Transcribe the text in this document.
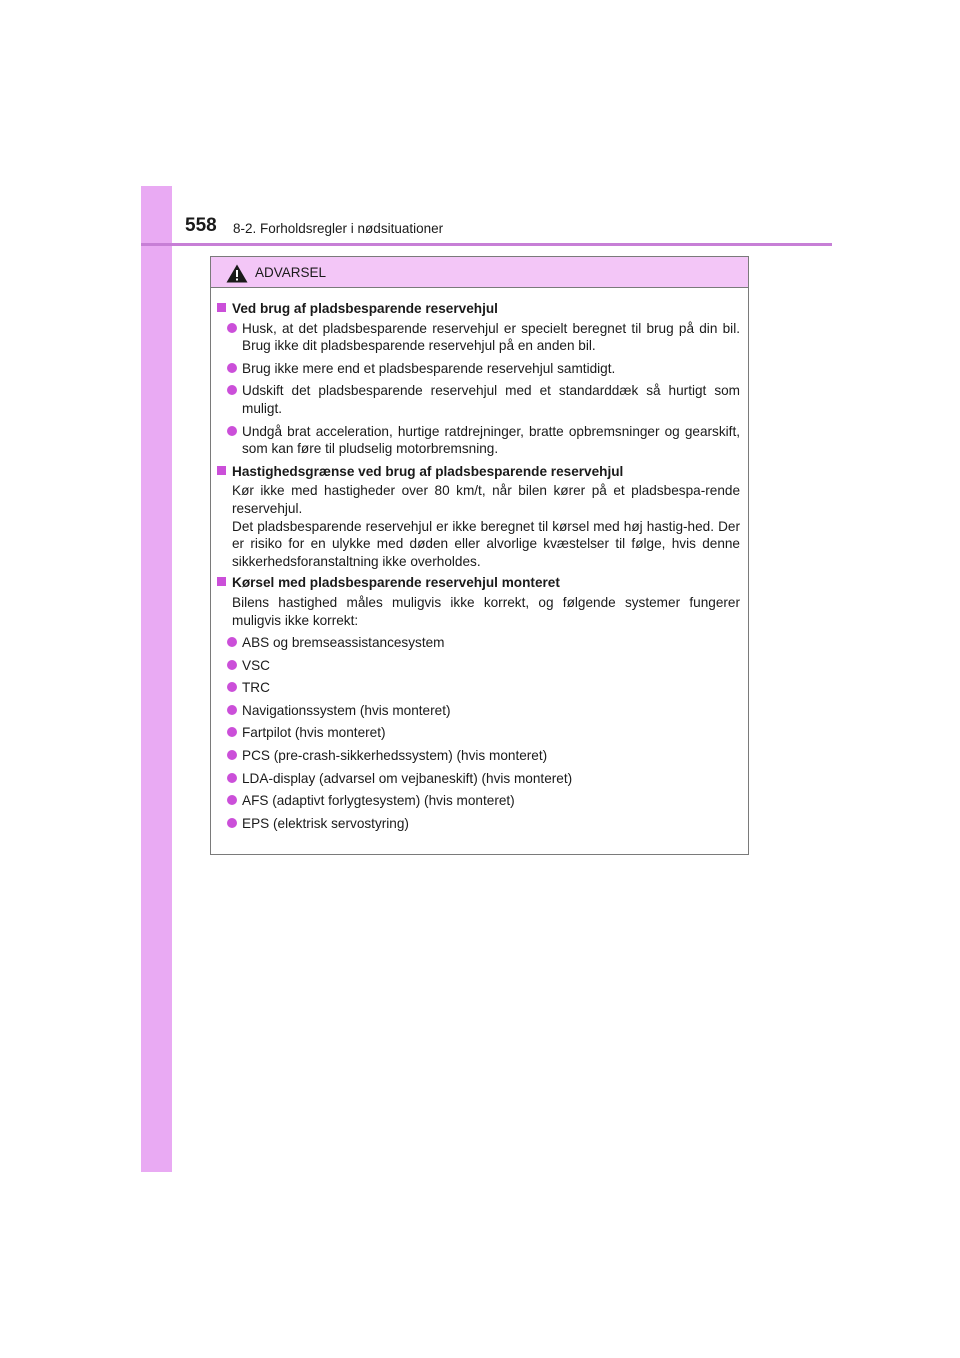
558 8-2. Forholdsregler i nødsituationer
ADVARSEL
Ved brug af pladsbesparende reservehjul
Husk, at det pladsbesparende reservehjul er specielt beregnet til brug på din bil. Brug ikke dit pladsbesparende reservehjul på en anden bil.
Brug ikke mere end et pladsbesparende reservehjul samtidigt.
Udskift det pladsbesparende reservehjul med et standarddæk så hurtigt som muligt.
Undgå brat acceleration, hurtige ratdrejninger, bratte opbremsninger og gearskift, som kan føre til pludselig motorbremsning.
Hastighedsgrænse ved brug af pladsbesparende reservehjul
Kør ikke med hastigheder over 80 km/t, når bilen kører på et pladsbespa-rende reservehjul.
Det pladsbesparende reservehjul er ikke beregnet til kørsel med høj hastig-hed. Der er risiko for en ulykke med døden eller alvorlige kvæstelser til følge, hvis denne sikkerhedsforanstaltning ikke overholdes.
Kørsel med pladsbesparende reservehjul monteret
Bilens hastighed måles muligvis ikke korrekt, og følgende systemer fungerer muligvis ikke korrekt:
ABS og bremseassistancesystem
VSC
TRC
Navigationssystem (hvis monteret)
Fartpilot (hvis monteret)
PCS (pre-crash-sikkerhedssystem) (hvis monteret)
LDA-display (advarsel om vejbaneskift) (hvis monteret)
AFS (adaptivt forlygtesystem) (hvis monteret)
EPS (elektrisk servostyring)
